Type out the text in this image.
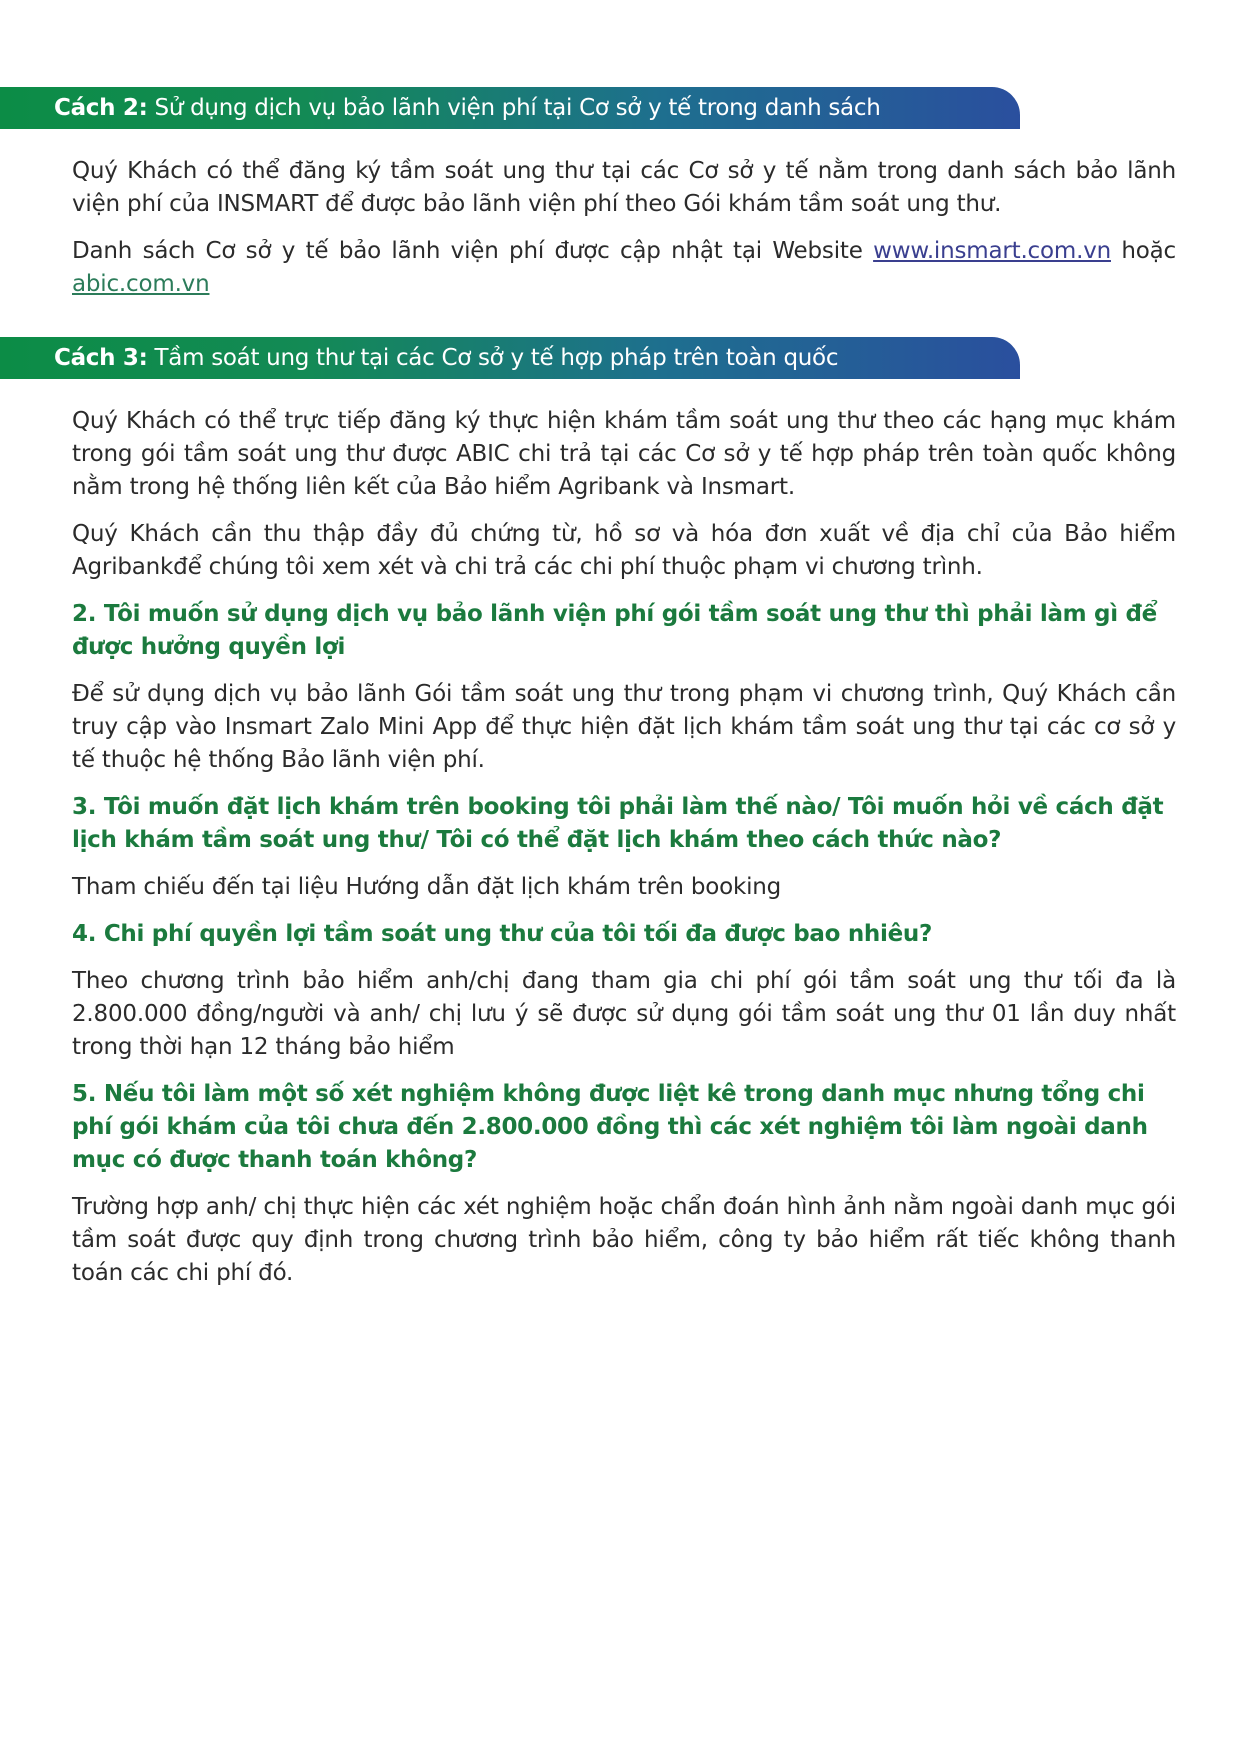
Cách 2: Sử dụng dịch vụ bảo lãnh viện phí tại Cơ sở y tế trong danh sách

Quý Khách có thể đăng ký tầm soát ung thư tại các Cơ sở y tế nằm trong danh sách bảo lãnh viện phí của INSMART để được bảo lãnh viện phí theo Gói khám tầm soát ung thư.

Danh sách Cơ sở y tế bảo lãnh viện phí được cập nhật tại Website www.insmart.com.vn hoặc abic.com.vn

Cách 3: Tầm soát ung thư tại các Cơ sở y tế hợp pháp trên toàn quốc

Quý Khách có thể trực tiếp đăng ký thực hiện khám tầm soát ung thư theo các hạng mục khám trong gói tầm soát ung thư được ABIC chi trả tại các Cơ sở y tế hợp pháp trên toàn quốc không nằm trong hệ thống liên kết của Bảo hiểm Agribank và Insmart.

Quý Khách cần thu thập đầy đủ chứng từ, hồ sơ và hóa đơn xuất về địa chỉ của Bảo hiểm Agribankđể chúng tôi xem xét và chi trả các chi phí thuộc phạm vi chương trình.

2. Tôi muốn sử dụng dịch vụ bảo lãnh viện phí gói tầm soát ung thư thì phải làm gì để được hưởng quyền lợi

Để sử dụng dịch vụ bảo lãnh Gói tầm soát ung thư trong phạm vi chương trình, Quý Khách cần truy cập vào Insmart Zalo Mini App để thực hiện đặt lịch khám tầm soát ung thư tại các cơ sở y tế thuộc hệ thống Bảo lãnh viện phí.

3. Tôi muốn đặt lịch khám trên booking tôi phải làm thế nào/ Tôi muốn hỏi về cách đặt lịch khám tầm soát ung thư/ Tôi có thể đặt lịch khám theo cách thức nào?

Tham chiếu đến tại liệu Hướng dẫn đặt lịch khám trên booking

4. Chi phí quyền lợi tầm soát ung thư của tôi tối đa được bao nhiêu?

Theo chương trình bảo hiểm anh/chị đang tham gia chi phí gói tầm soát ung thư tối đa là 2.800.000 đồng/người và anh/ chị lưu ý sẽ được sử dụng gói tầm soát ung thư 01 lần duy nhất trong thời hạn 12 tháng bảo hiểm

5. Nếu tôi làm một số xét nghiệm không được liệt kê trong danh mục nhưng tổng chi phí gói khám của tôi chưa đến 2.800.000 đồng thì các xét nghiệm tôi làm ngoài danh mục có được thanh toán không?

Trường hợp anh/ chị thực hiện các xét nghiệm hoặc chẩn đoán hình ảnh nằm ngoài danh mục gói tầm soát được quy định trong chương trình bảo hiểm, công ty bảo hiểm rất tiếc không thanh toán các chi phí đó.
